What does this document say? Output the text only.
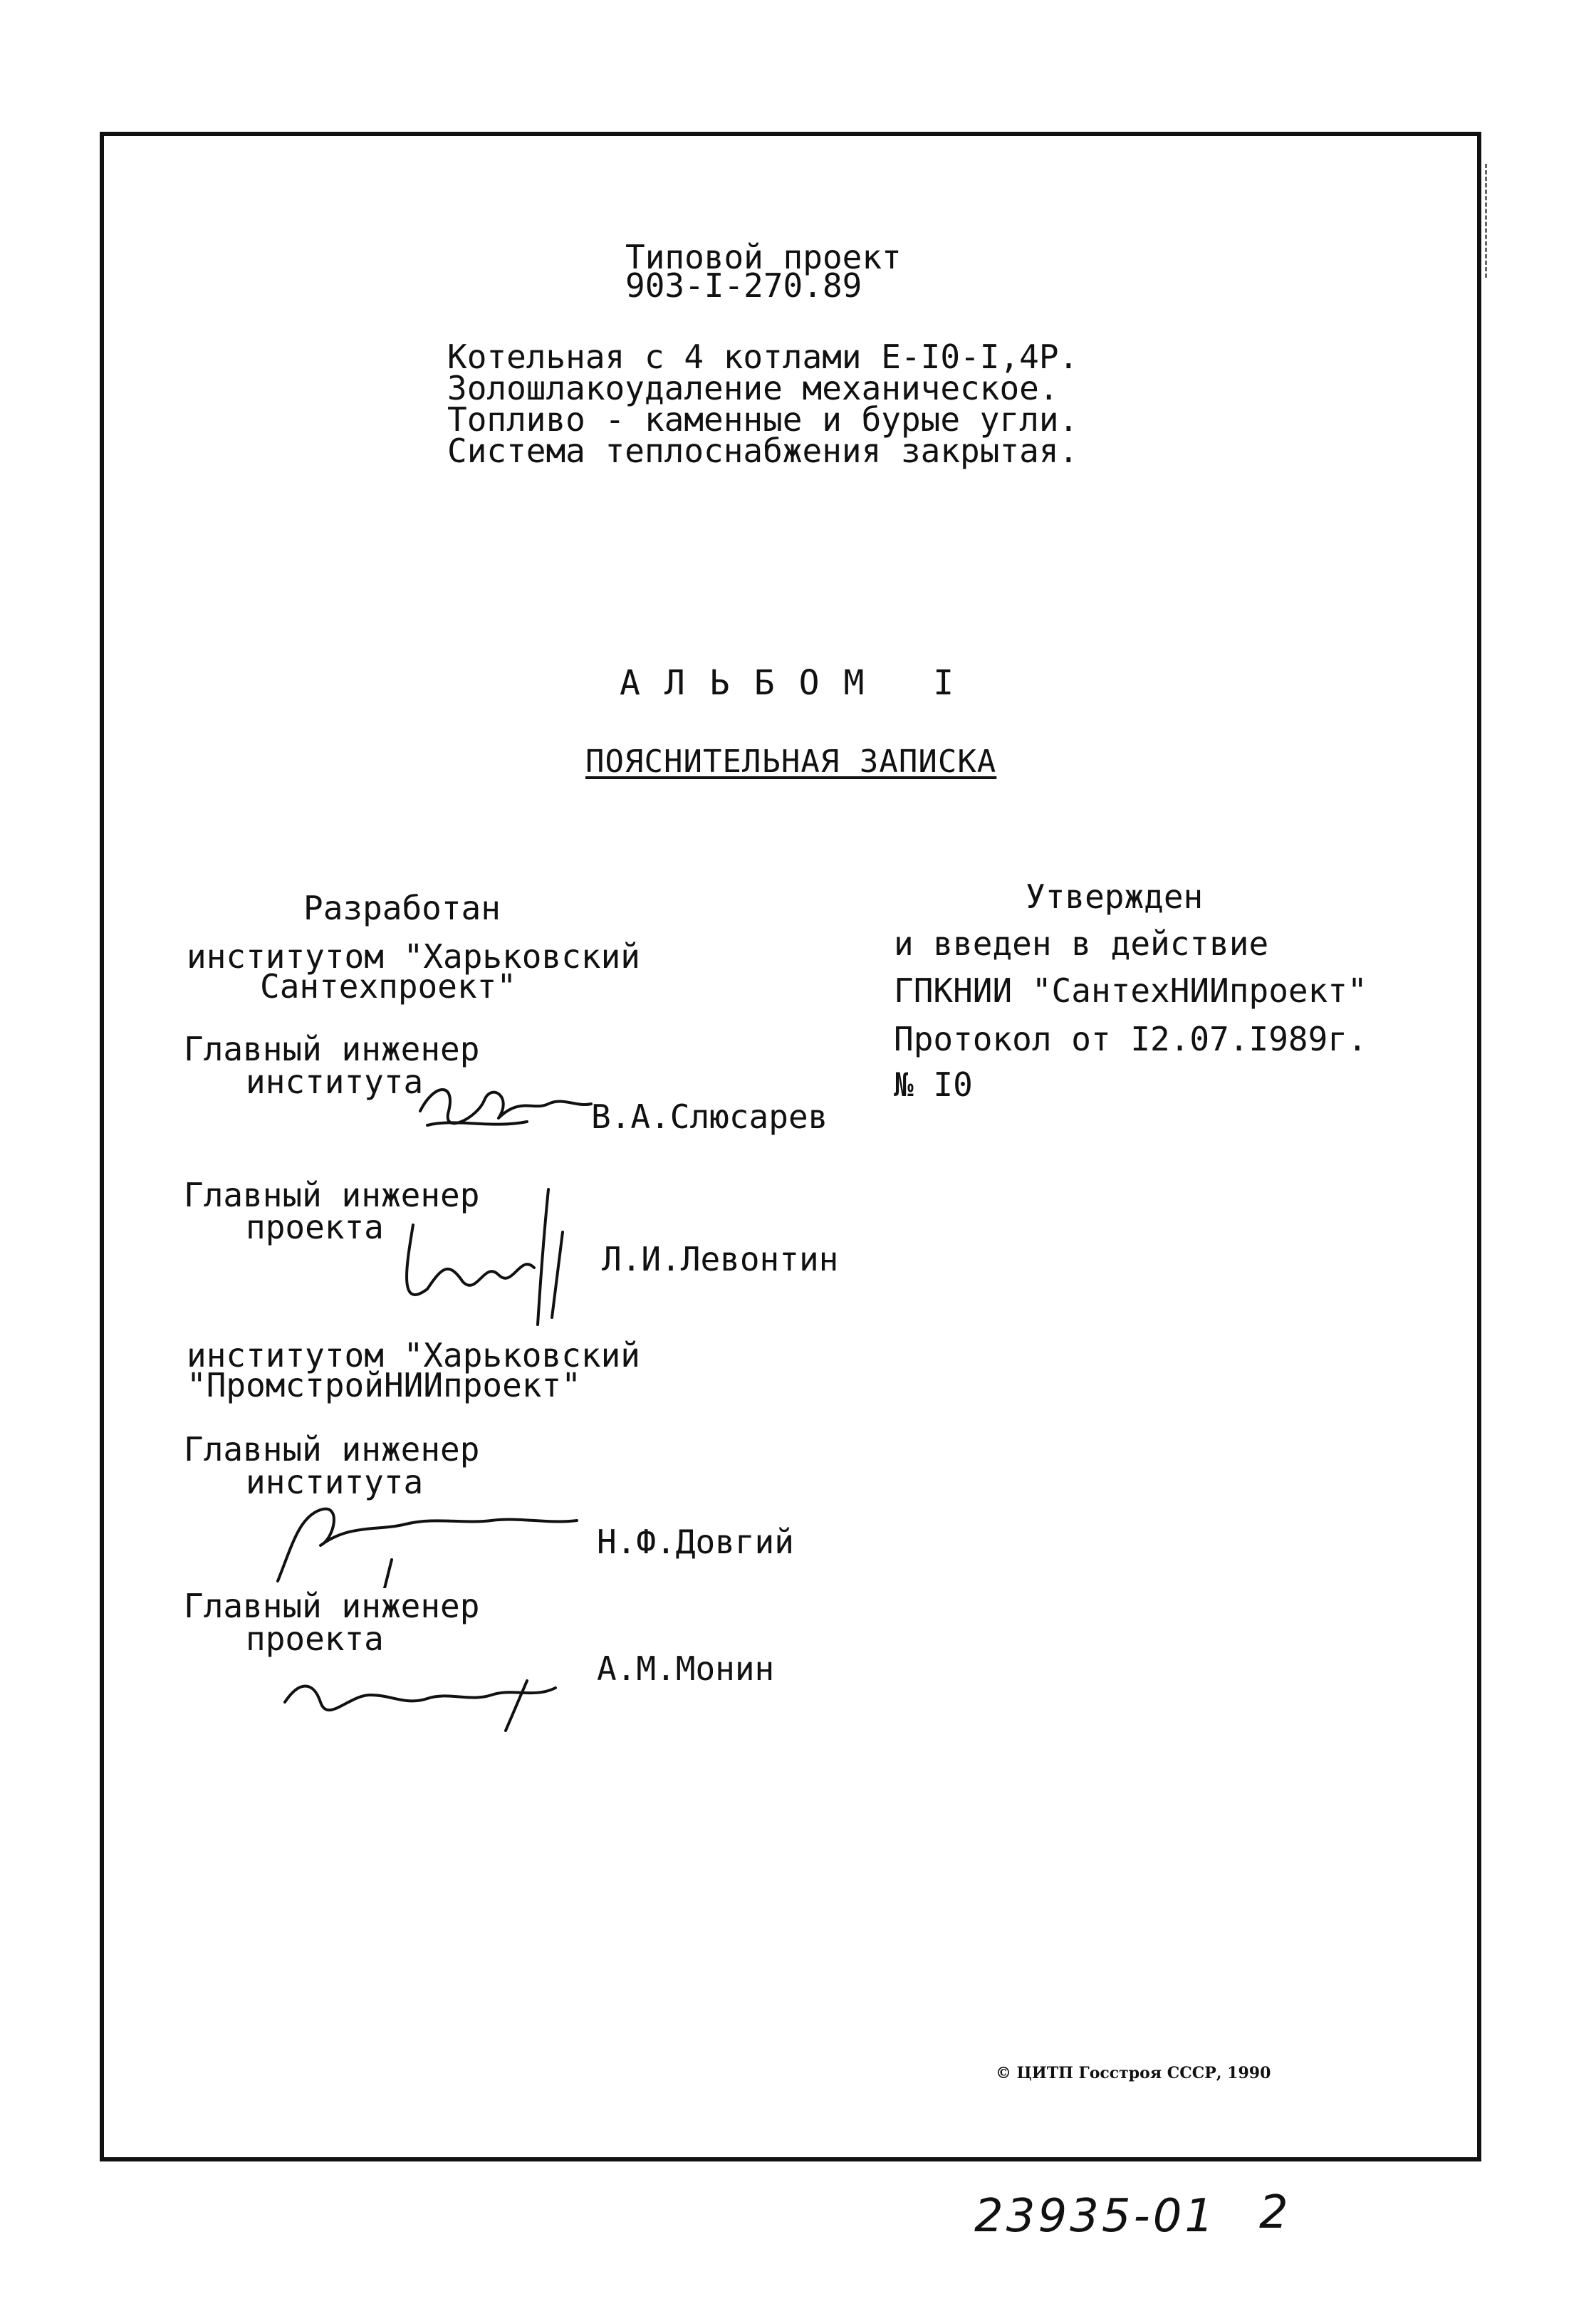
Типовой проект
903-I-270.89
Котельная с 4 котлами Е-I0-I,4Р.
Золошлакоудаление механическое.
Топливо - каменные и бурые угли.
Система теплоснабжения закрытая.
АЛЬБОМ I
ПОЯСНИТЕЛЬНАЯ ЗАПИСКА
Разработан
институтом "Харьковский
Сантехпроект"
Главный инженер
института
В.А.Слюсарев
Главный инженер
проекта
Л.И.Левонтин
институтом "Харьковский
"ПромстройНИИпроект"
Главный инженер
института
Н.Ф.Довгий
Главный инженер
проекта
А.М.Монин
Утвержден
и введен в действие
ГПКНИИ "СантехНИИпроект"
Протокол от I2.07.I989г.
№ I0
© ЦИТП Госстроя СССР, 1990
23935-01 2
